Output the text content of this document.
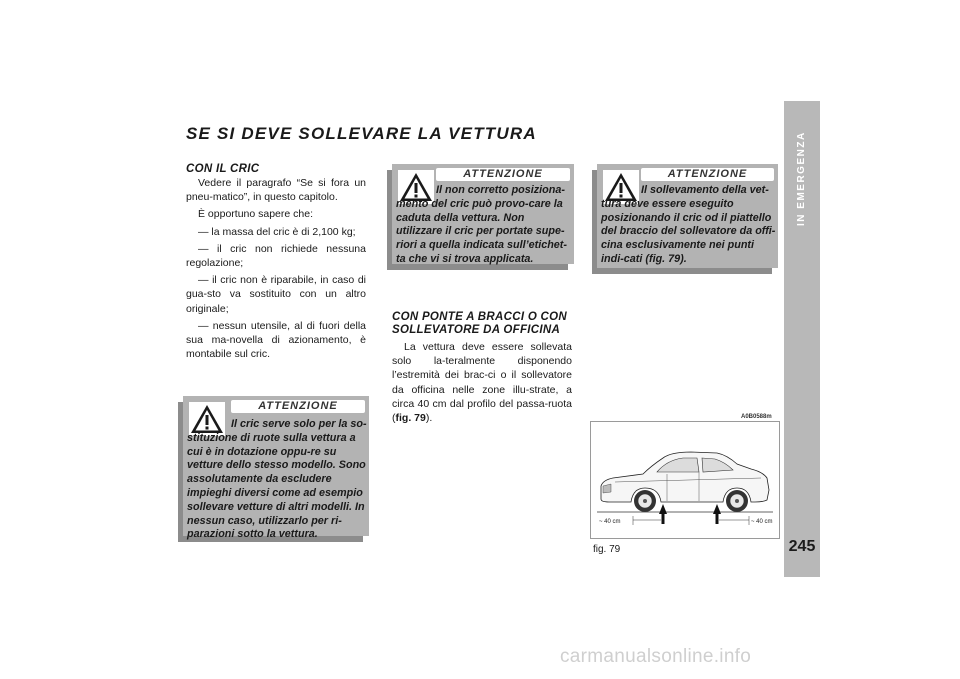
IN EMERGENZA
245
SE SI DEVE SOLLEVARE LA VETTURA
CON IL CRIC

Vedere il paragrafo “Se si fora un pneu-matico”, in questo capitolo.

È opportuno sapere che:

— la massa del cric è di 2,100 kg;

— il cric non richiede nessuna regolazione;

— il cric non è riparabile, in caso di gua-sto va sostituito con un altro originale;

— nessun utensile, al di fuori della sua ma-novella di azionamento, è montabile sul cric.

ATTENZIONE
Il cric serve solo per la so-stituzione di ruote sulla vettura a cui è in dotazione oppu-re su vetture dello stesso modello. Sono assolutamente da escludere impieghi diversi come ad esempio sollevare vetture di altri modelli. In nessun caso, utilizzarlo per ri-parazioni sotto la vettura.
ATTENZIONE
Il non corretto posiziona-mento del cric può provo-care la caduta della vettura. Non utilizzare il cric per portate supe-riori a quella indicata sull’etichet-ta che vi si trova applicata.
ATTENZIONE
Il sollevamento della vet-tura deve essere eseguito posizionando il cric od il piattello del braccio del sollevatore da offi-cina esclusivamente nei punti indi-cati (fig. 79).
CON PONTE A BRACCI O CON
SOLLEVATORE DA OFFICINA

La vettura deve essere sollevata solo la-teralmente disponendo l’estremità dei brac-ci o il sollevatore da officina nelle zone illu-strate, a circa 40 cm dal profilo del passa-ruota (fig. 79).	A0B0588m
~ 40 cm	~ 40 cm
fig. 79
carmanualsonline.info
